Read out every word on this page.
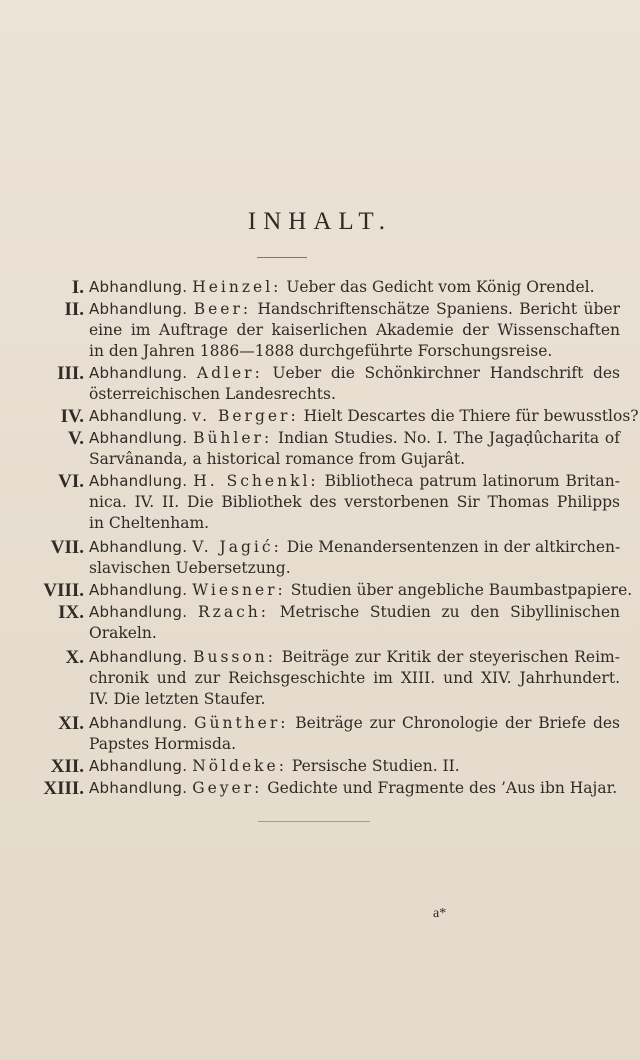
INHALT.
I. Abhandlung. Heinzel: Ueber das Gedicht vom König Orendel.
II. Abhandlung. Beer: Handschriftenschätze Spaniens. Bericht über
eine im Auftrage der kaiserlichen Akademie der Wissenschaften
in den Jahren 1886—1888 durchgeführte Forschungsreise.
III. Abhandlung. Adler: Ueber die Schönkirchner Handschrift des
österreichischen Landesrechts.
IV. Abhandlung. v. Berger: Hielt Descartes die Thiere für bewusstlos?
V. Abhandlung. Bühler: Indian Studies. No. I. The Jagaḍûcharita of
Sarvânanda, a historical romance from Gujarât.
VI. Abhandlung. H. Schenkl: Bibliotheca patrum latinorum Britan-
nica. IV. II. Die Bibliothek des verstorbenen Sir Thomas Philipps
in Cheltenham.
VII. Abhandlung. V. Jagić: Die Menandersentenzen in der altkirchen-
slavischen Uebersetzung.
VIII. Abhandlung. Wiesner: Studien über angebliche Baumbastpapiere.
IX. Abhandlung. Rzach: Metrische Studien zu den Sibyllinischen
Orakeln.
X. Abhandlung. Busson: Beiträge zur Kritik der steyerischen Reim-
chronik und zur Reichsgeschichte im XIII. und XIV. Jahrhundert.
IV. Die letzten Staufer.
XI. Abhandlung. Günther: Beiträge zur Chronologie der Briefe des
Papstes Hormisda.
XII. Abhandlung. Nöldeke: Persische Studien. II.
XIII. Abhandlung. Geyer: Gedichte und Fragmente des ’Aus ibn Hajar.
a*
